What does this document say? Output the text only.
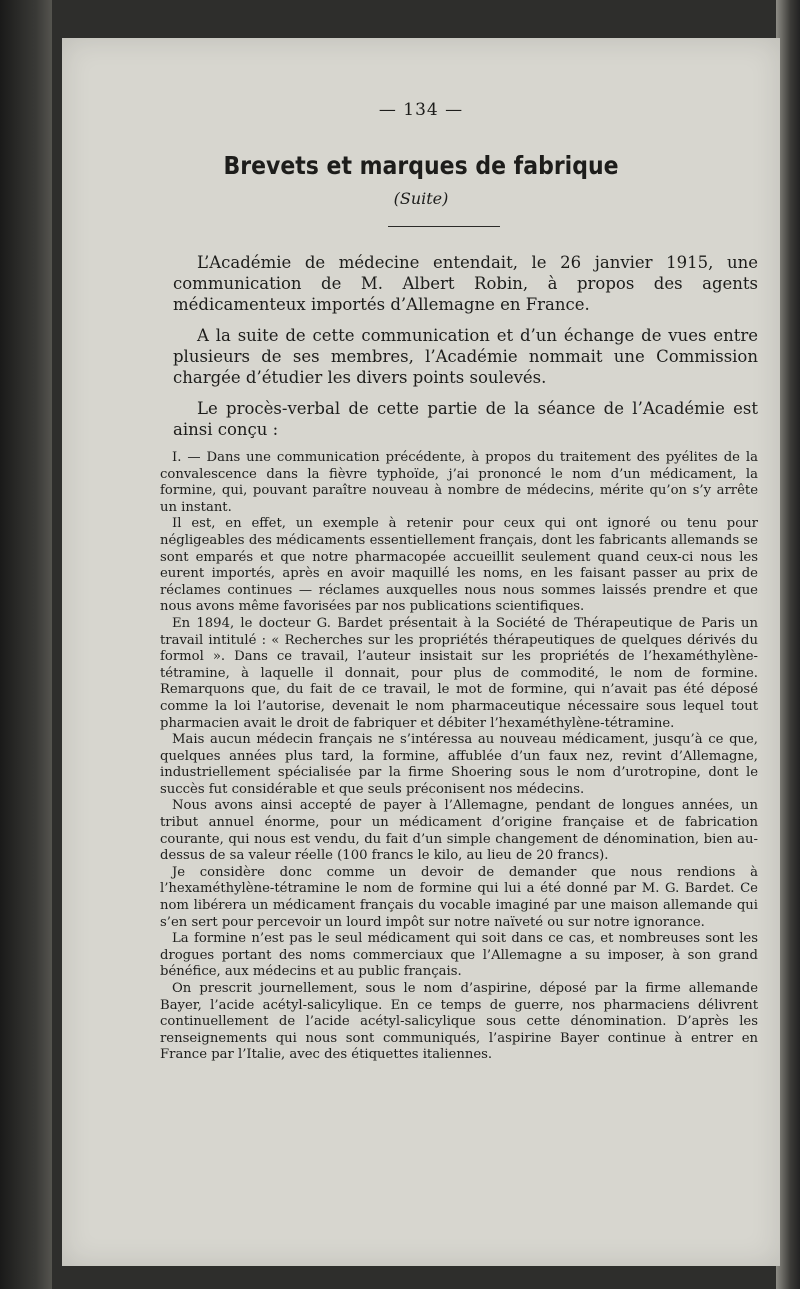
— 134 —
Brevets et marques de fabrique
(Suite)

L’Académie de médecine entendait, le 26 janvier 1915, une communication de M. Albert Robin, à propos des agents médicamenteux importés d’Allemagne en France.

A la suite de cette communication et d’un échange de vues entre plusieurs de ses membres, l’Académie nommait une Commission chargée d’étudier les divers points soulevés.

Le procès-verbal de cette partie de la séance de l’Académie est ainsi conçu :

I. — Dans une communication précédente, à propos du traitement des pyélites de la convalescence dans la fièvre typhoïde, j’ai prononcé le nom d’un médicament, la formine, qui, pouvant paraître nouveau à nombre de médecins, mérite qu’on s’y arrête un instant.

Il est, en effet, un exemple à retenir pour ceux qui ont ignoré ou tenu pour négligeables des médicaments essentiellement français, dont les fabricants allemands se sont emparés et que notre pharmacopée accueillit seulement quand ceux-ci nous les eurent importés, après en avoir maquillé les noms, en les faisant passer au prix de réclames continues — réclames auxquelles nous nous sommes laissés prendre et que nous avons même favorisées par nos publications scientifiques.

En 1894, le docteur G. Bardet présentait à la Société de Thérapeutique de Paris un travail intitulé : « Recherches sur les propriétés thérapeutiques de quelques dérivés du formol ». Dans ce travail, l’auteur insistait sur les propriétés de l’hexaméthylène-tétramine, à laquelle il donnait, pour plus de commodité, le nom de formine. Remarquons que, du fait de ce travail, le mot de formine, qui n’avait pas été déposé comme la loi l’autorise, devenait le nom pharmaceutique nécessaire sous lequel tout pharmacien avait le droit de fabriquer et débiter l’hexaméthylène-tétramine.

Mais aucun médecin français ne s’intéressa au nouveau médicament, jusqu’à ce que, quelques années plus tard, la formine, affublée d’un faux nez, revint d’Allemagne, industriellement spécialisée par la firme Shoering sous le nom d’urotropine, dont le succès fut considérable et que seuls préconisent nos médecins.

Nous avons ainsi accepté de payer à l’Allemagne, pendant de longues années, un tribut annuel énorme, pour un médicament d’origine française et de fabrication courante, qui nous est vendu, du fait d’un simple changement de dénomination, bien au-dessus de sa valeur réelle (100 francs le kilo, au lieu de 20 francs).

Je considère donc comme un devoir de demander que nous rendions à l’hexaméthylène-tétramine le nom de formine qui lui a été donné par M. G. Bardet. Ce nom libérera un médicament français du vocable imaginé par une maison allemande qui s’en sert pour percevoir un lourd impôt sur notre naïveté ou sur notre ignorance.

La formine n’est pas le seul médicament qui soit dans ce cas, et nombreuses sont les drogues portant des noms commerciaux que l’Allemagne a su imposer, à son grand bénéfice, aux médecins et au public français.

On prescrit journellement, sous le nom d’aspirine, déposé par la firme allemande Bayer, l’acide acétyl-salicylique. En ce temps de guerre, nos pharmaciens délivrent continuellement de l’acide acétyl-salicylique sous cette dénomination. D’après les renseignements qui nous sont communiqués, l’aspirine Bayer continue à entrer en France par l’Italie, avec des étiquettes italiennes.
